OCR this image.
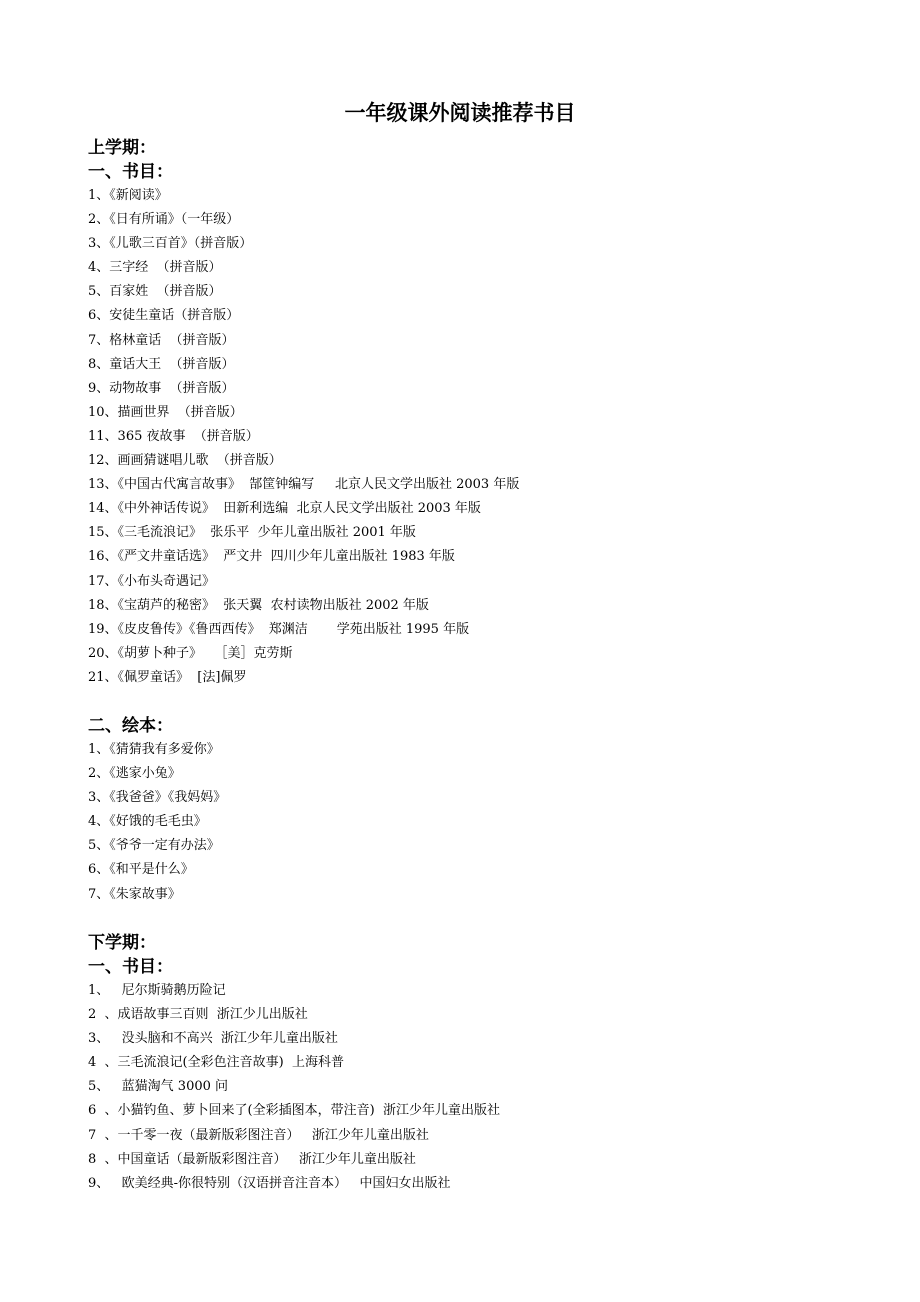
一年级课外阅读推荐书目
上学期：
一、书目：
1、《新阅读》
2、《日有所诵》（一年级）
3、《儿歌三百首》（拼音版）
4、三字经  （拼音版）
5、百家姓  （拼音版）
6、安徒生童话（拼音版）
7、格林童话  （拼音版）
8、童话大王  （拼音版）
9、动物故事  （拼音版）
10、描画世界  （拼音版）
11、365 夜故事  （拼音版）
12、画画猜谜唱儿歌  （拼音版）
13、《中国古代寓言故事》  郜筐钟编写     北京人民文学出版社 2003 年版
14、《中外神话传说》  田新利选编  北京人民文学出版社 2003 年版
15、《三毛流浪记》  张乐平  少年儿童出版社 2001 年版
16、《严文井童话选》  严文井  四川少年儿童出版社 1983 年版
17、《小布头奇遇记》
18、《宝葫芦的秘密》  张天翼  农村读物出版社 2002 年版
19、《皮皮鲁传》《鲁西西传》  郑渊洁       学苑出版社 1995 年版
20、《胡萝卜种子》   ［美］克劳斯
21、《佩罗童话》  [法]佩罗
二、绘本：
1、《猜猜我有多爱你》
2、《逃家小兔》
3、《我爸爸》《我妈妈》
4、《好饿的毛毛虫》
5、《爷爷一定有办法》
6、《和平是什么》
7、《朱家故事》
下学期：
一、书目：
1、   尼尔斯骑鹅历险记
2  、成语故事三百则  浙江少儿出版社
3、   没头脑和不高兴  浙江少年儿童出版社
4  、三毛流浪记(全彩色注音故事)  上海科普
5、   蓝猫淘气 3000 问
6  、小猫钓鱼、萝卜回来了(全彩插图本，带注音)  浙江少年儿童出版社
7  、一千零一夜（最新版彩图注音）   浙江少年儿童出版社
8  、中国童话（最新版彩图注音）   浙江少年儿童出版社
9、   欧美经典-你很特别（汉语拼音注音本）   中国妇女出版社
